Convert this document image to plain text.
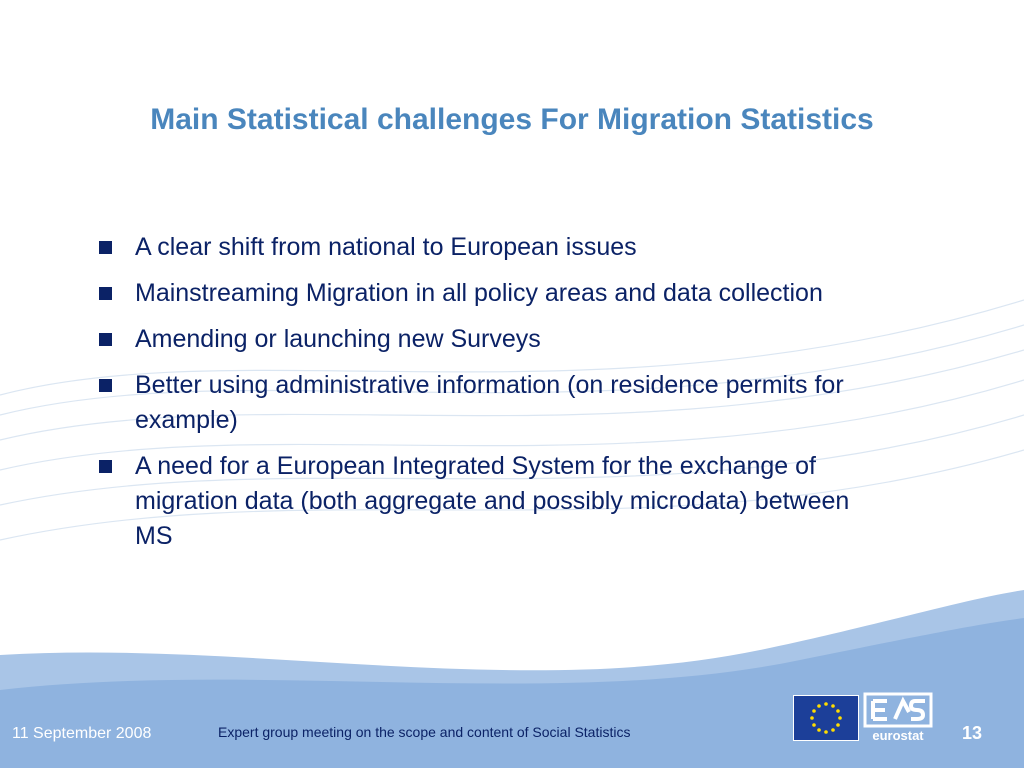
Main Statistical challenges For Migration Statistics
A clear shift from national to European issues
Mainstreaming Migration in all policy areas and data collection
Amending or launching new Surveys
Better using administrative information (on residence permits for example)
A need for a European Integrated System for the exchange of migration data (both aggregate and possibly microdata) between MS
11 September 2008	Expert group meeting on the scope and content of Social Statistics	eurostat	13
